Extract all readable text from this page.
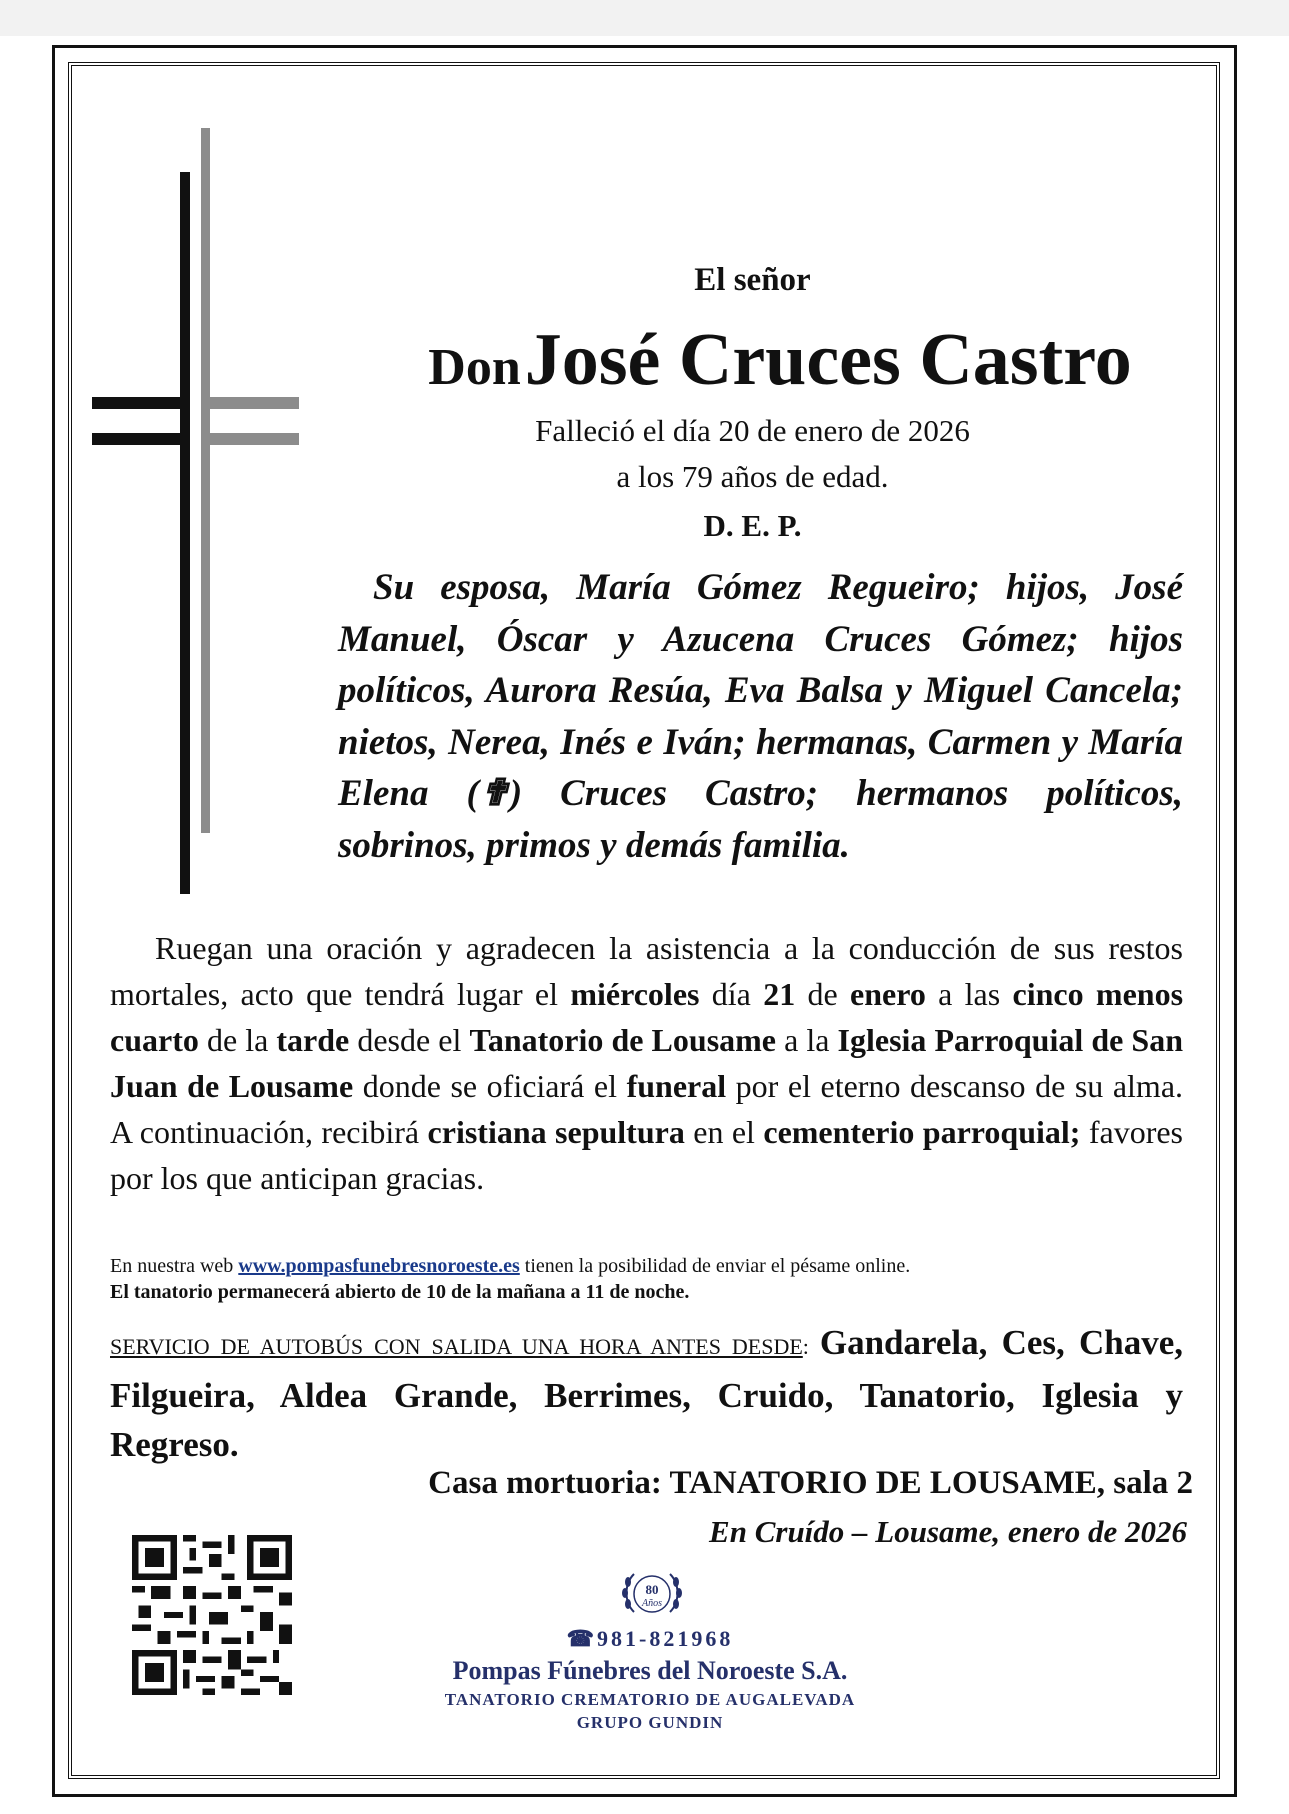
El señor
Don José Cruces Castro
Falleció el día 20 de enero de 2026
a los 79 años de edad.
D. E. P.
Su esposa, María Gómez Regueiro; hijos, José Manuel, Óscar y Azucena Cruces Gómez; hijos políticos, Aurora Resúa, Eva Balsa y Miguel Cancela; nietos, Nerea, Inés e Iván; hermanas, Carmen y María Elena (✟) Cruces Castro; hermanos políticos, sobrinos, primos y demás familia.
Ruegan una oración y agradecen la asistencia a la conducción de sus restos mortales, acto que tendrá lugar el miércoles día 21 de enero a las cinco menos cuarto de la tarde desde el Tanatorio de Lousame a la Iglesia Parroquial de San Juan de Lousame donde se oficiará el funeral por el eterno descanso de su alma. A continuación, recibirá cristiana sepultura en el cementerio parroquial; favores por los que anticipan gracias.
En nuestra web www.pompasfunebresnoroeste.es tienen la posibilidad de enviar el pésame online.
El tanatorio permanecerá abierto de 10 de la mañana a 11 de noche.
SERVICIO DE AUTOBÚS CON SALIDA UNA HORA ANTES DESDE: Gandarela, Ces, Chave, Filgueira, Aldea Grande, Berrimes, Cruido, Tanatorio, Iglesia y Regreso.
Casa mortuoria: TANATORIO DE LOUSAME, sala 2
En Cruído – Lousame, enero de 2026
80
Años
☎981-821968
Pompas Fúnebres del Noroeste S.A.
TANATORIO CREMATORIO DE AUGALEVADA
GRUPO GUNDIN
